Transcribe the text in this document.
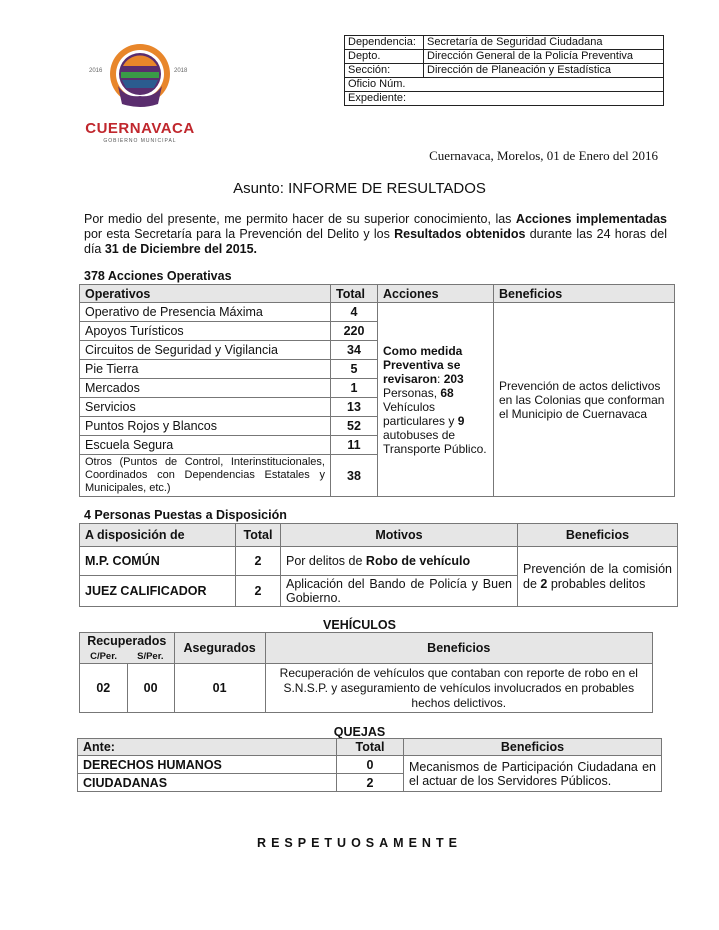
2016	2018
CUERNAVACA
GOBIERNO MUNICIPAL
Dependencia:	Secretaría de Seguridad Ciudadana
Depto.	Dirección General de la Policía Preventiva
Sección:	Dirección de Planeación y Estadística
Oficio Núm.	
Expediente:	
Cuernavaca, Morelos, 01 de Enero del 2016
Asunto: INFORME DE RESULTADOS
Por medio del presente, me permito hacer de su superior conocimiento, las Acciones implementadas por esta Secretaría para la Prevención del Delito y los Resultados obtenidos durante las 24 horas del día 31 de Diciembre del 2015.
378 Acciones Operativas
Operativos	Total	Acciones	Beneficios
Operativo de Presencia Máxima	4	Como medida Preventiva se revisaron: 203 Personas, 68 Vehículos particulares y 9 autobuses de Transporte Público.	Prevención de actos delictivos en las Colonias que conforman el Municipio de Cuernavaca
Apoyos Turísticos	220		
Circuitos de Seguridad y Vigilancia	34		
Pie Tierra	5		
Mercados	1		
Servicios	13		
Puntos Rojos y Blancos	52		
Escuela Segura	11		
Otros (Puntos de Control, Interinstitucionales, Coordinados con Dependencias Estatales y Municipales, etc.)	38		
4 Personas Puestas a Disposición
A disposición de	Total	Motivos	Beneficios
M.P. COMÚN	2	Por delitos de Robo de vehículo	Prevención de la comisión de 2 probables delitos
JUEZ CALIFICADOR	2	Aplicación del Bando de Policía y Buen Gobierno.	
VEHÍCULOS
Recuperados		Asegurados	Beneficios
C/Per.	S/Per.		
02	00	01	Recuperación de vehículos que contaban con reporte de robo en el S.N.S.P. y aseguramiento de vehículos involucrados en probables hechos delictivos.
QUEJAS
Ante:	Total	Beneficios
DERECHOS HUMANOS	0	Mecanismos de Participación Ciudadana en el actuar de los Servidores Públicos.
CIUDADANAS	2	
RESPETUOSAMENTE
